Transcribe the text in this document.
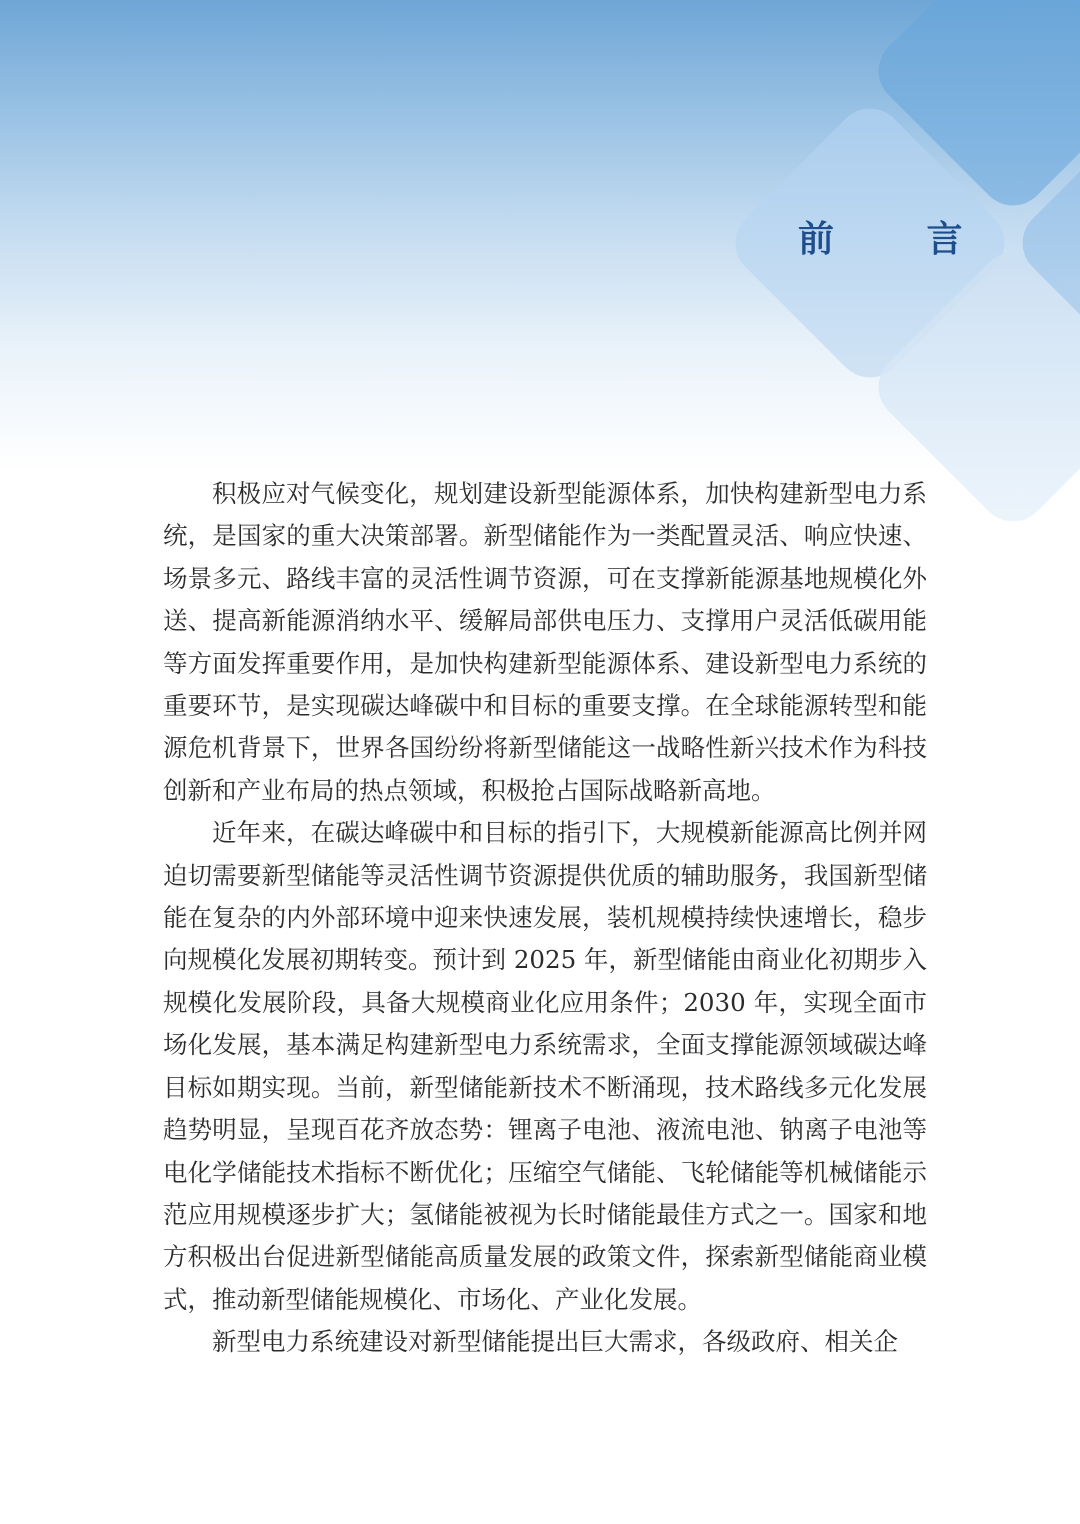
前 言

积极应对气候变化，规划建设新型能源体系，加快构建新型电力系统，是国家的重大决策部署。新型储能作为一类配置灵活、响应快速、场景多元、路线丰富的灵活性调节资源，可在支撑新能源基地规模化外送、提高新能源消纳水平、缓解局部供电压力、支撑用户灵活低碳用能等方面发挥重要作用，是加快构建新型能源体系、建设新型电力系统的重要环节，是实现碳达峰碳中和目标的重要支撑。在全球能源转型和能源危机背景下，世界各国纷纷将新型储能这一战略性新兴技术作为科技创新和产业布局的热点领域，积极抢占国际战略新高地。

近年来，在碳达峰碳中和目标的指引下，大规模新能源高比例并网迫切需要新型储能等灵活性调节资源提供优质的辅助服务，我国新型储能在复杂的内外部环境中迎来快速发展，装机规模持续快速增长，稳步向规模化发展初期转变。预计到 2025 年，新型储能由商业化初期步入规模化发展阶段，具备大规模商业化应用条件；2030 年，实现全面市场化发展，基本满足构建新型电力系统需求，全面支撑能源领域碳达峰目标如期实现。当前，新型储能新技术不断涌现，技术路线多元化发展趋势明显，呈现百花齐放态势：锂离子电池、液流电池、钠离子电池等电化学储能技术指标不断优化；压缩空气储能、飞轮储能等机械储能示范应用规模逐步扩大；氢储能被视为长时储能最佳方式之一。国家和地方积极出台促进新型储能高质量发展的政策文件，探索新型储能商业模式，推动新型储能规模化、市场化、产业化发展。

新型电力系统建设对新型储能提出巨大需求，各级政府、相关企
